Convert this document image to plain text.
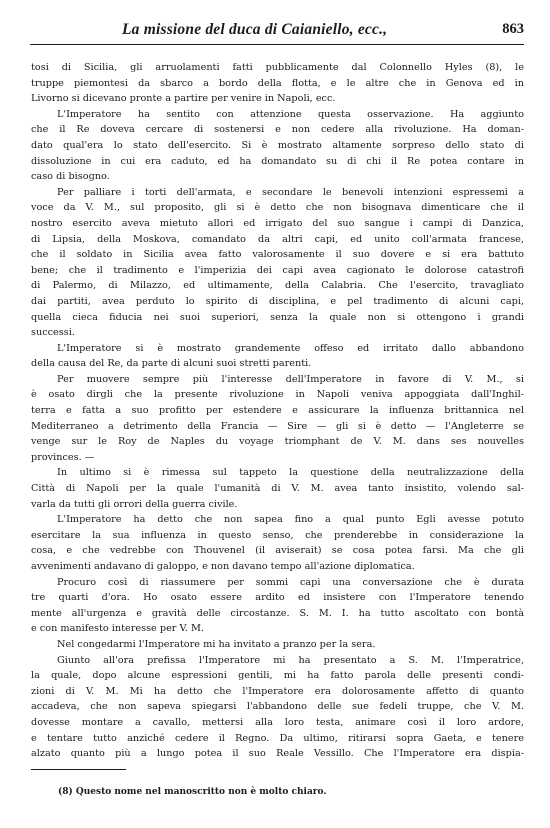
La missione del duca di Caianiello, ecc.,	863
tosi di Sicilia, gli arruolamenti fatti pubblicamente dal Colonnello Hyles (8), le
truppe piemontesi da sbarco a bordo della flotta, e le altre che in Genova ed in
Livorno si dicevano pronte a partire per venire in Napoli, ecc.
L'Imperatore ha sentito con attenzione questa osservazione. Ha aggiunto
che il Re doveva cercare di sostenersi e non cedere alla rivoluzione. Ha doman-
dato qual'era lo stato dell'esercito. Si è mostrato altamente sorpreso dello stato di
dissoluzione in cui era caduto, ed ha domandato su di chi il Re potea contare in
caso di bisogno.
Per palliare i torti dell'armata, e secondare le benevoli intenzioni espressemi a
voce da V. M., sul proposito, gli si è detto che non bisognava dimenticare che il
nostro esercito aveva mietuto allori ed irrigato del suo sangue i campi di Danzica,
di Lipsia, della Moskova, comandato da altri capi, ed unito coll'armata francese,
che il soldato in Sicilia avea fatto valorosamente il suo dovere e si era battuto
bene; che il tradimento e l'imperizia dei capi avea cagionato le dolorose catastrofi
di Palermo, di Milazzo, ed ultimamente, della Calabria. Che l'esercito, travagliato
dai partiti, avea perduto lo spirito di disciplina, e pel tradimento di alcuni capi,
quella cieca fiducia nei suoi superiori, senza la quale non si ottengono i grandi
successi.
L'Imperatore si è mostrato grandemente offeso ed irritato dallo abbandono
della causa del Re, da parte di alcuni suoi stretti parenti.
Per muovere sempre più l'interesse dell'Imperatore in favore di V. M., si
è osato dirgli che la presente rivoluzione in Napoli veniva appoggiata dall'Inghil-
terra e fatta a suo profitto per estendere e assicurare la influenza brittannica nel
Mediterraneo a detrimento della Francia — Sire — gli si è detto — l'Angleterre se
venge sur le Roy de Naples du voyage triomphant de V. M. dans ses nouvelles
provinces. —
In ultimo si è rimessa sul tappeto la questione della neutralizzazione della
Città di Napoli per la quale l'umanità di V. M. avea tanto insistito, volendo sal-
varla da tutti gli orrori della guerra civile.
L'Imperatore ha detto che non sapea fino a qual punto Egli avesse potuto
esercitare la sua influenza in questo senso, che prenderebbe in considerazione la
cosa, e che vedrebbe con Thouvenel (il aviserait) se cosa potea farsi. Ma che gli
avvenimenti andavano di galoppo, e non davano tempo all'azione diplomatica.
Procuro così di riassumere per sommi capi una conversazione che è durata
tre quarti d'ora. Ho osato essere ardito ed insistere con l'Imperatore tenendo
mente all'urgenza e gravità delle circostanze. S. M. I. ha tutto ascoltato con bontà
e con manifesto interesse per V. M.
Nel congedarmi l'Imperatore mi ha invitato a pranzo per la sera.
Giunto all'ora prefissa l'Imperatore mi ha presentato a S. M. l'Imperatrice,
la quale, dopo alcune espressioni gentili, mi ha fatto parola delle presenti condi-
zioni di V. M. Mi ha detto che l'Imperatore era dolorosamente affetto di quanto
accadeva, che non sapeva spiegarsi l'abbandono delle sue fedeli truppe, che V. M.
dovesse montare a cavallo, mettersi alla loro testa, animare così il loro ardore,
e tentare tutto anziché cedere il Regno. Da ultimo, ritirarsi sopra Gaeta, e tenere
alzato quanto più a lungo potea il suo Reale Vessillo. Che l'Imperatore era dispia-
(8) Questo nome nel manoscritto non è molto chiaro.
